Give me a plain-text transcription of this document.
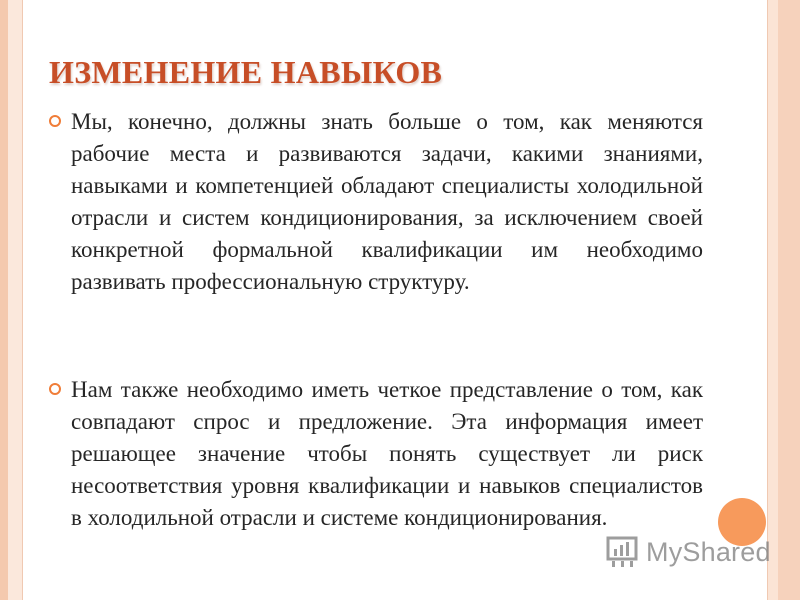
ИЗМЕНЕНИЕ НАВЫКОВ

Мы, конечно, должны знать больше о том, как меняются рабочие места и развиваются задачи, какими знаниями, навыками и компетенцией обладают специалисты холодильной отрасли и систем кондиционирования, за исключением своей конкретной формальной квалификации им необходимо развивать профессиональную структуру.

Нам также необходимо иметь четкое представление о том, как совпадают спрос и предложение. Эта информация имеет решающее значение чтобы понять существует ли риск несоответствия уровня квалификации и навыков специалистов в холодильной отрасли и системе кондиционирования.

MyShared
